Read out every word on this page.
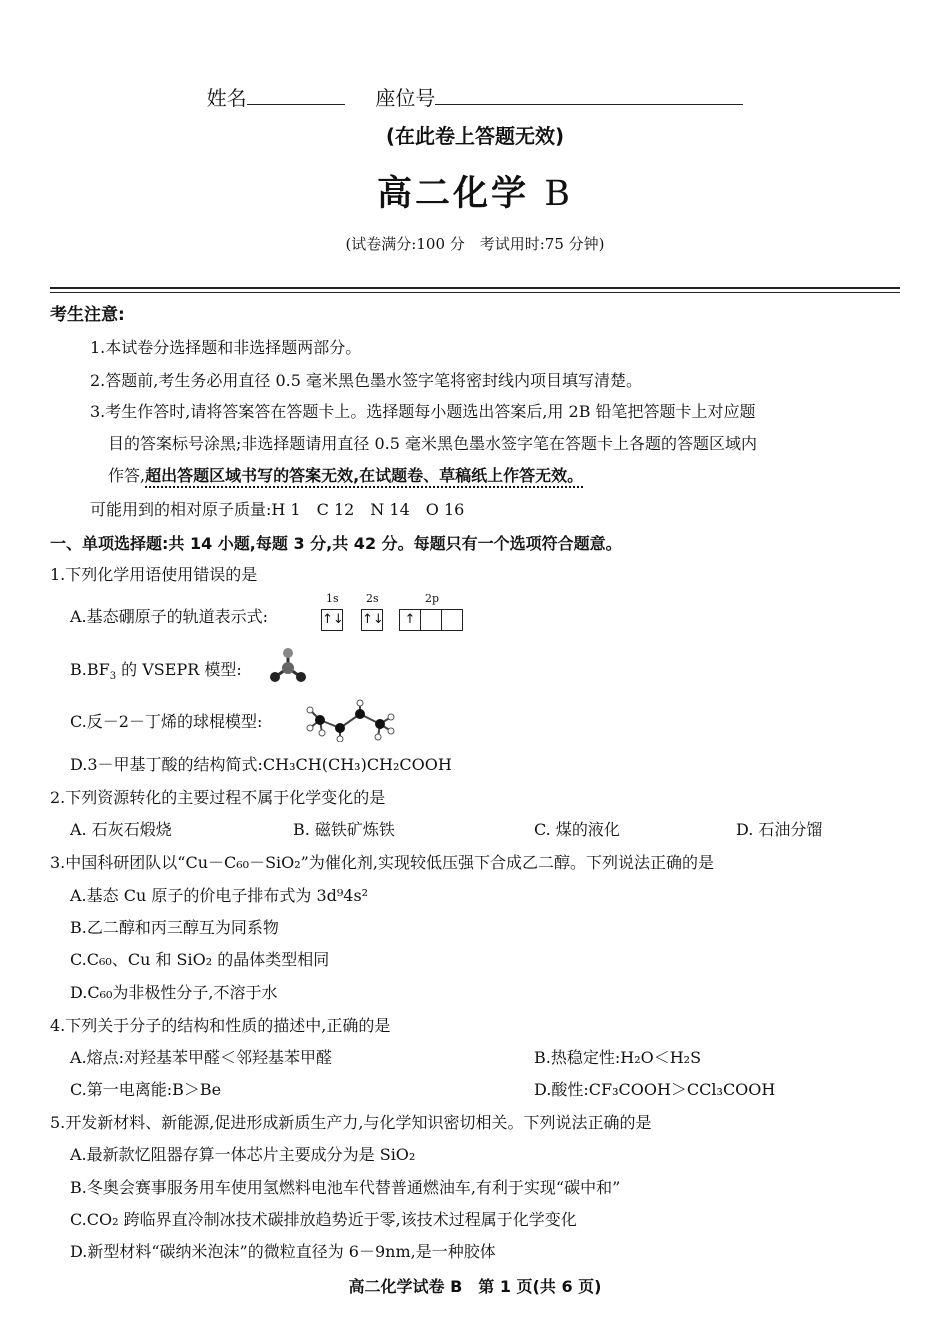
姓名	座位号
(在此卷上答题无效)
高二化学 B
(试卷满分:100 分　考试用时:75 分钟)
考生注意:
1.本试卷分选择题和非选择题两部分。
2.答题前,考生务必用直径 0.5 毫米黑色墨水签字笔将密封线内项目填写清楚。
3.考生作答时,请将答案答在答题卡上。选择题每小题选出答案后,用 2B 铅笔把答题卡上对应题
目的答案标号涂黑;非选择题请用直径 0.5 毫米黑色墨水签字笔在答题卡上各题的答题区域内
作答,超出答题区域书写的答案无效,在试题卷、草稿纸上作答无效。
可能用到的相对原子质量:H 1　C 12　N 14　O 16
一、单项选择题:共 14 小题,每题 3 分,共 42 分。每题只有一个选项符合题意。
1.下列化学用语使用错误的是
A.基态硼原子的轨道表示式:
1s 2s	2p
↑↓ ↑↓	↑
$B.BF_3$ 的 VSEPR 模型:
C.反－2－丁烯的球棍模型:
D.3－甲基丁酸的结构简式:CH₃CH(CH₃)CH₂COOH
2.下列资源转化的主要过程不属于化学变化的是
A. 石灰石煅烧	B. 磁铁矿炼铁	C. 煤的液化	D. 石油分馏
3.中国科研团队以“Cu－C₆₀－SiO₂”为催化剂,实现较低压强下合成乙二醇。下列说法正确的是
A.基态 Cu 原子的价电子排布式为 3d⁹4s²
B.乙二醇和丙三醇互为同系物
C.C₆₀、Cu 和 SiO₂ 的晶体类型相同
D.C₆₀为非极性分子,不溶于水
4.下列关于分子的结构和性质的描述中,正确的是
A.熔点:对羟基苯甲醛＜邻羟基苯甲醛	B.热稳定性:H₂O＜H₂S
C.第一电离能:B＞Be	D.酸性:CF₃COOH＞CCl₃COOH
5.开发新材料、新能源,促进形成新质生产力,与化学知识密切相关。下列说法正确的是
A.最新款忆阻器存算一体芯片主要成分为是 SiO₂
B.冬奥会赛事服务用车使用氢燃料电池车代替普通燃油车,有利于实现“碳中和”
C.CO₂ 跨临界直冷制冰技术碳排放趋势近于零,该技术过程属于化学变化
D.新型材料“碳纳米泡沫”的微粒直径为 6－9nm,是一种胶体
高二化学试卷 B　第 1 页(共 6 页)
